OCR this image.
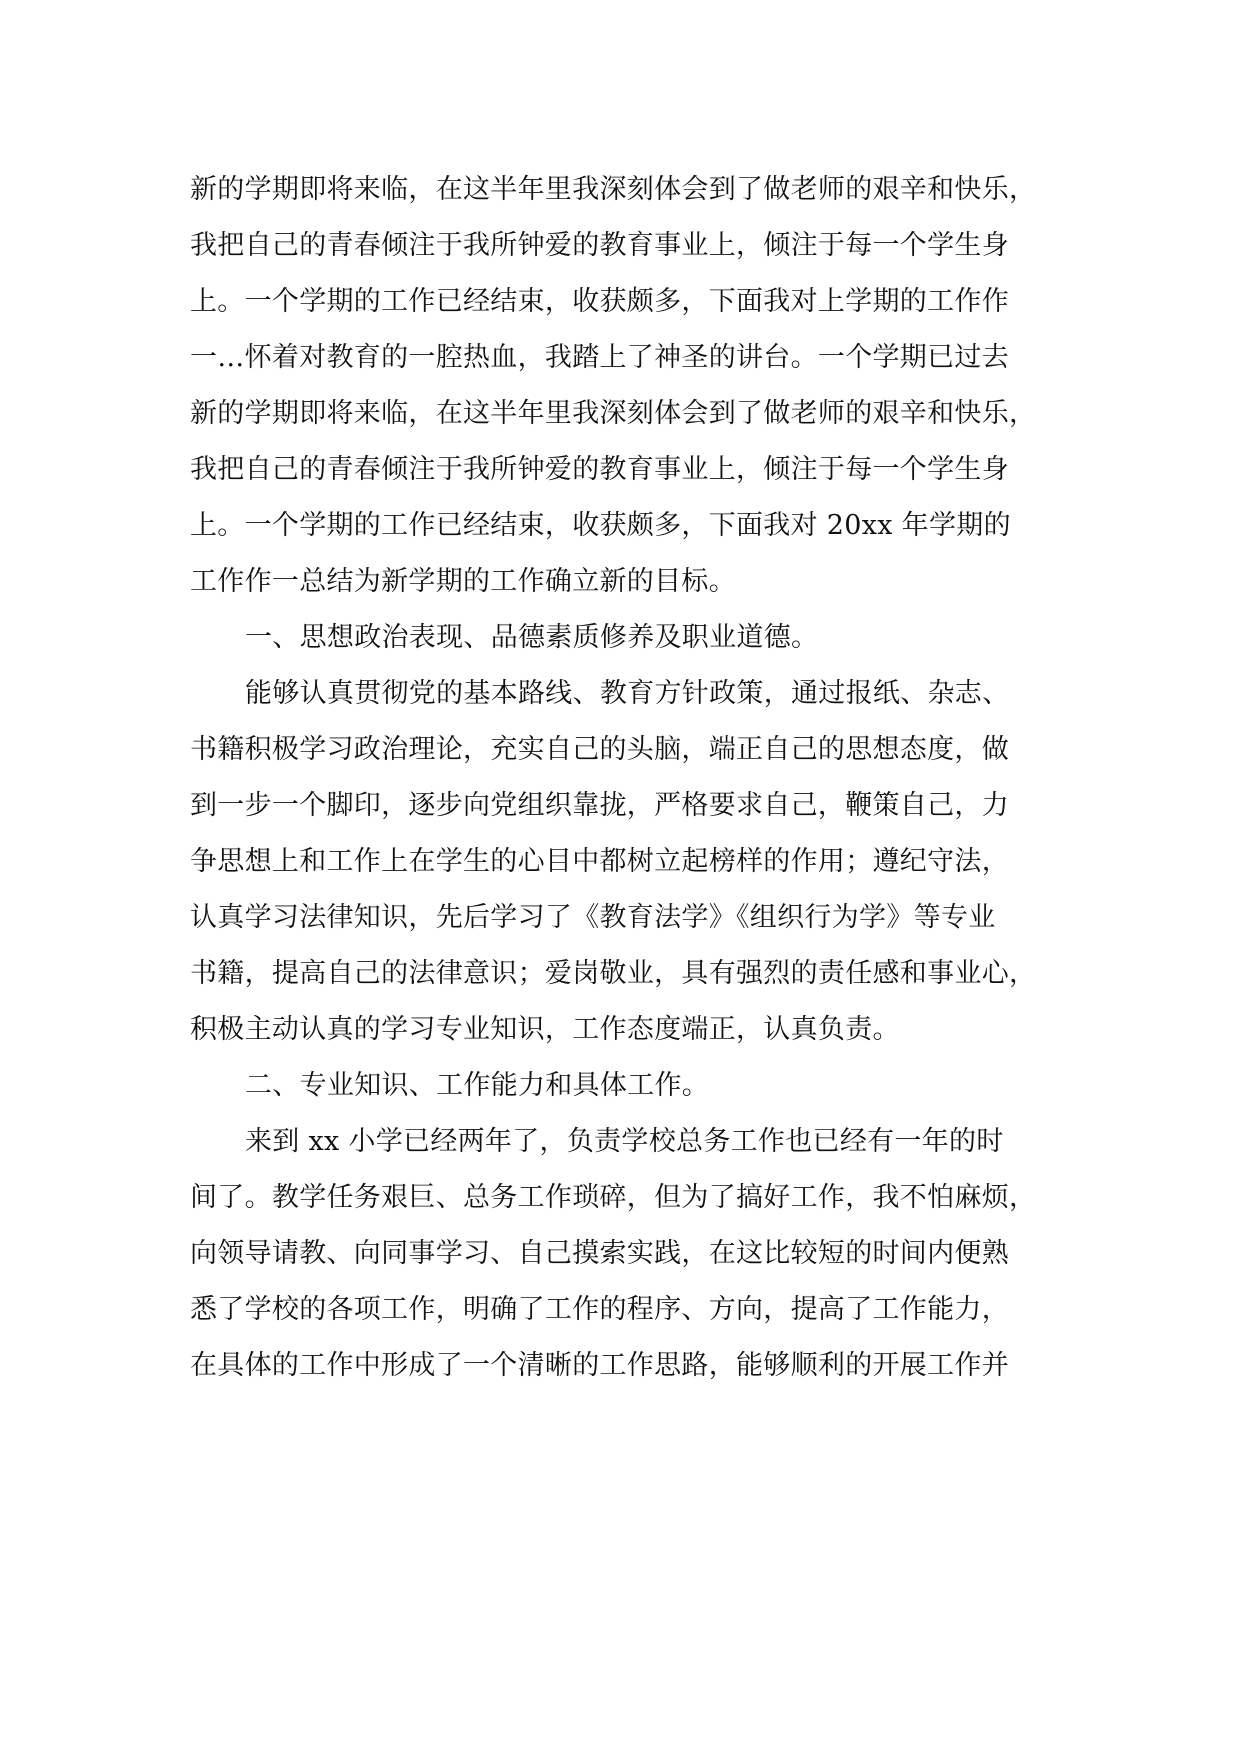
新的学期即将来临，在这半年里我深刻体会到了做老师的艰辛和快乐，
我把自己的青春倾注于我所钟爱的教育事业上，倾注于每一个学生身
上。一个学期的工作已经结束，收获颇多，下面我对上学期的工作作
一…怀着对教育的一腔热血，我踏上了神圣的讲台。一个学期已过去
新的学期即将来临，在这半年里我深刻体会到了做老师的艰辛和快乐，
我把自己的青春倾注于我所钟爱的教育事业上，倾注于每一个学生身
上。一个学期的工作已经结束，收获颇多，下面我对 20xx 年学期的
工作作一总结为新学期的工作确立新的目标。
一、思想政治表现、品德素质修养及职业道德。
能够认真贯彻党的基本路线、教育方针政策，通过报纸、杂志、
书籍积极学习政治理论，充实自己的头脑，端正自己的思想态度，做
到一步一个脚印，逐步向党组织靠拢，严格要求自己，鞭策自己，力
争思想上和工作上在学生的心目中都树立起榜样的作用；遵纪守法，
认真学习法律知识，先后学习了《教育法学》《组织行为学》等专业
书籍，提高自己的法律意识；爱岗敬业，具有强烈的责任感和事业心，
积极主动认真的学习专业知识，工作态度端正，认真负责。
二、专业知识、工作能力和具体工作。
来到 xx 小学已经两年了，负责学校总务工作也已经有一年的时
间了。教学任务艰巨、总务工作琐碎，但为了搞好工作，我不怕麻烦，
向领导请教、向同事学习、自己摸索实践，在这比较短的时间内便熟
悉了学校的各项工作，明确了工作的程序、方向，提高了工作能力，
在具体的工作中形成了一个清晰的工作思路，能够顺利的开展工作并
